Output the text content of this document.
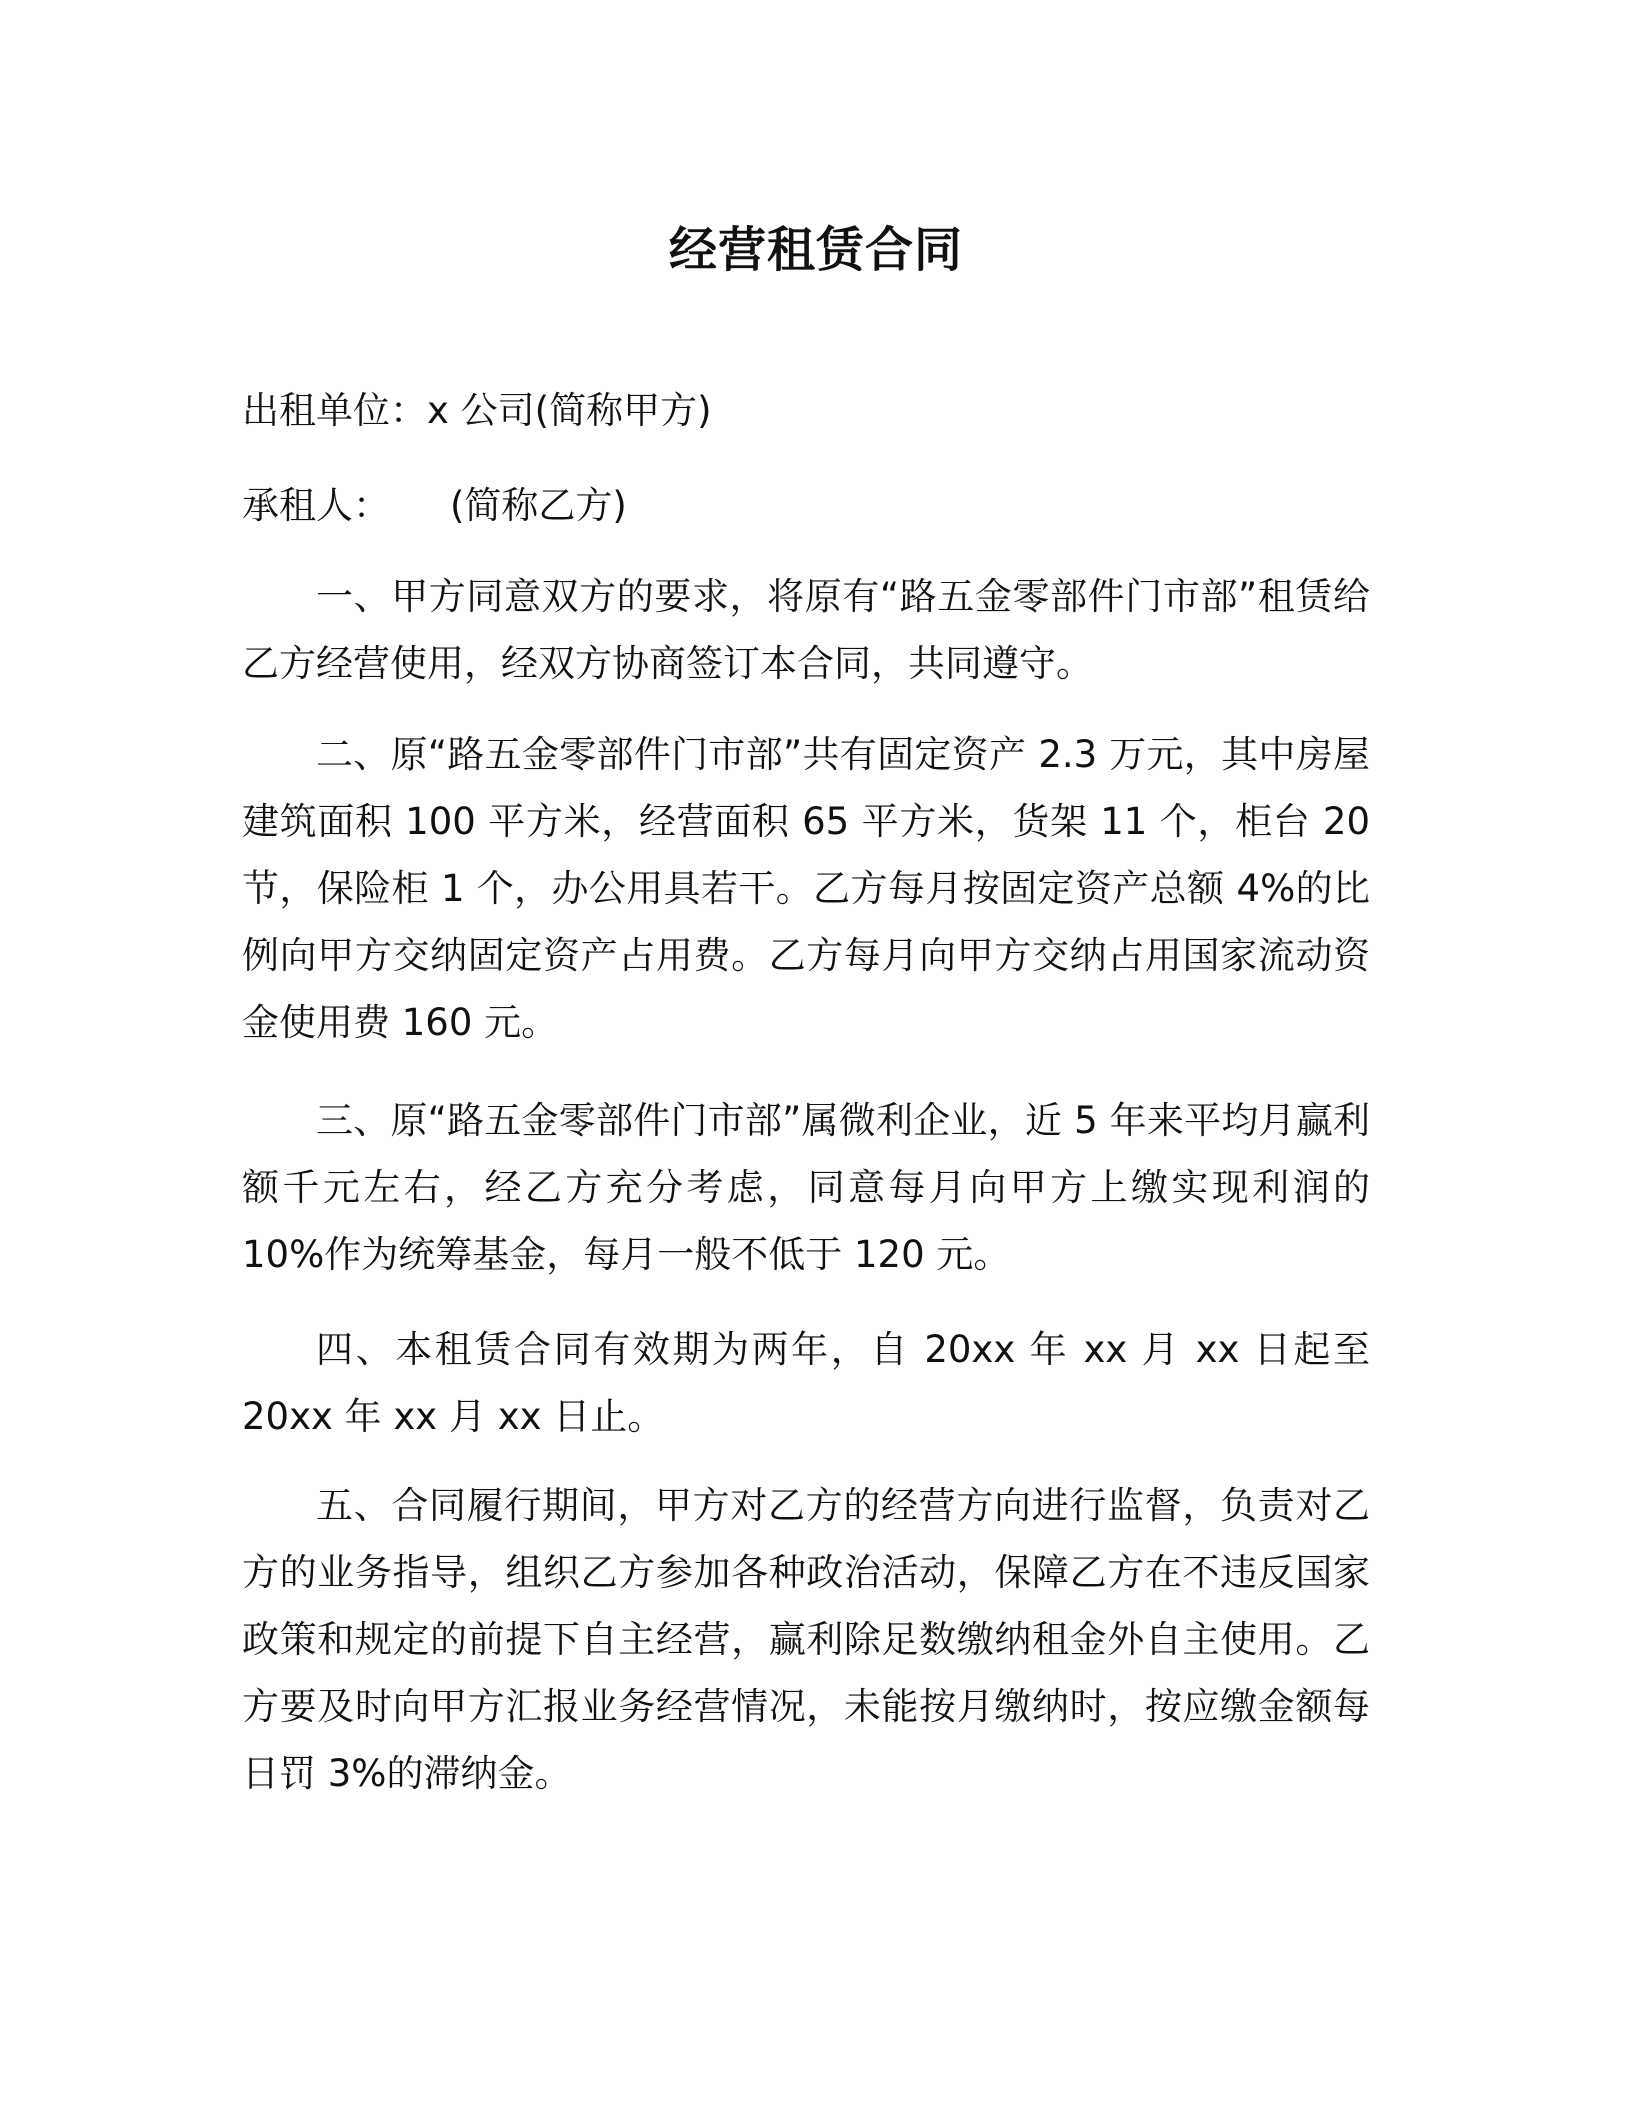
经营租赁合同
出租单位：x 公司(简称甲方)
承租人： (简称乙方)
一、甲方同意双方的要求，将原有“路五金零部件门市部”租赁给乙方经营使用，经双方协商签订本合同，共同遵守。
二、原“路五金零部件门市部”共有固定资产 2.3 万元，其中房屋建筑面积 100 平方米，经营面积 65 平方米，货架 11 个，柜台 20 节，保险柜 1 个，办公用具若干。乙方每月按固定资产总额 4%的比例向甲方交纳固定资产占用费。乙方每月向甲方交纳占用国家流动资金使用费 160 元。
三、原“路五金零部件门市部”属微利企业，近 5 年来平均月赢利额千元左右，经乙方充分考虑，同意每月向甲方上缴实现利润的 10%作为统筹基金，每月一般不低于 120 元。
四、本租赁合同有效期为两年，自 20xx 年 xx 月 xx 日起至 20xx 年 xx 月 xx 日止。
五、合同履行期间，甲方对乙方的经营方向进行监督，负责对乙方的业务指导，组织乙方参加各种政治活动，保障乙方在不违反国家政策和规定的前提下自主经营，赢利除足数缴纳租金外自主使用。乙方要及时向甲方汇报业务经营情况，未能按月缴纳时，按应缴金额每日罚 3%的滞纳金。
